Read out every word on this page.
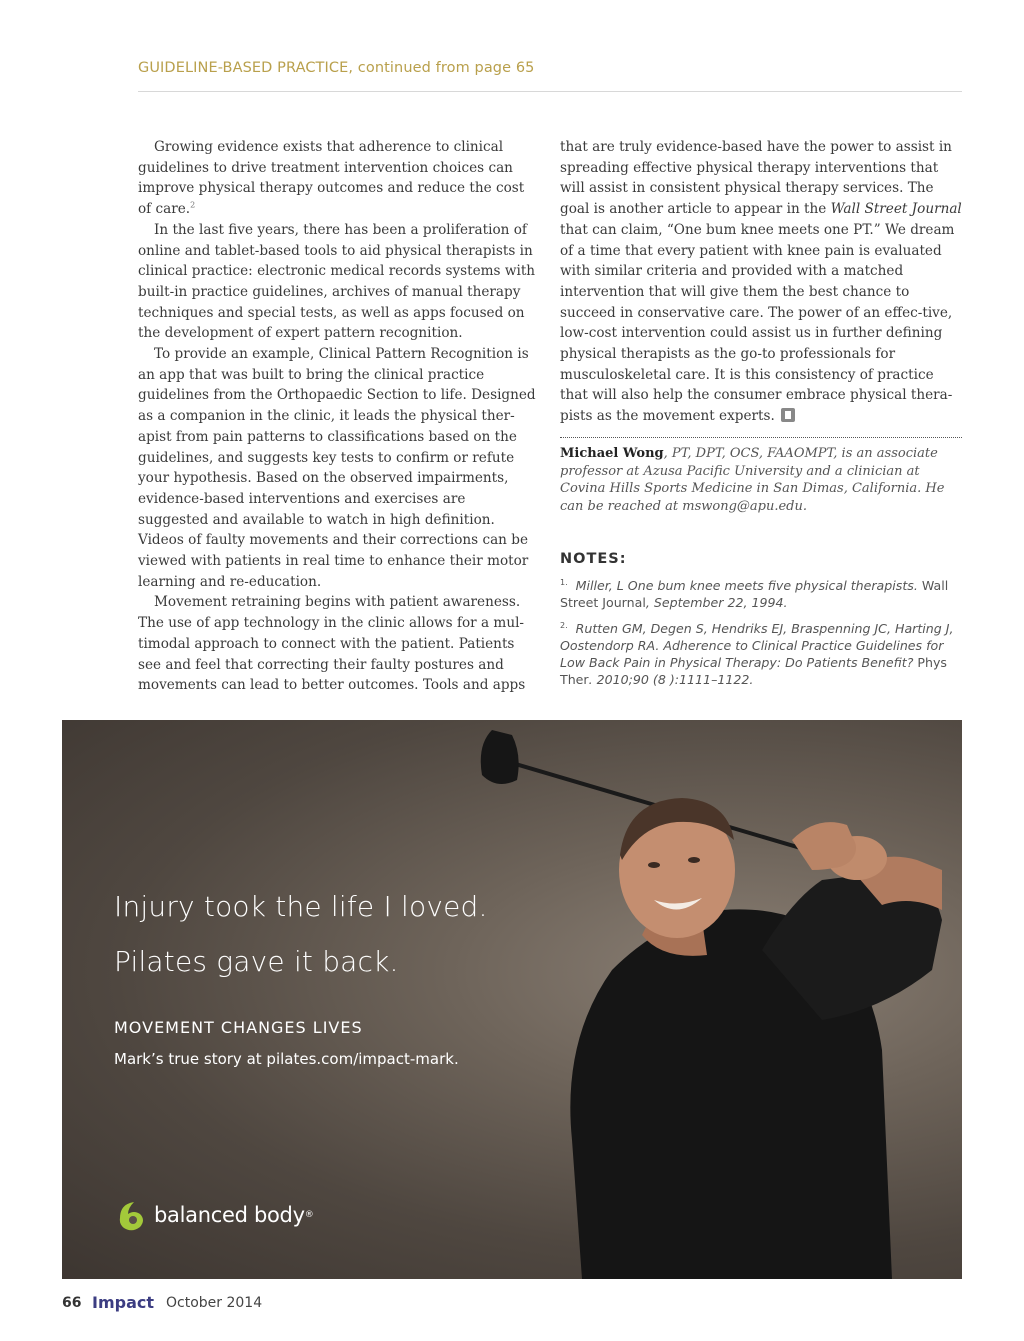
GUIDELINE-BASED PRACTICE, continued from page 65

Growing evidence exists that adherence to clinical guidelines to drive treatment intervention choices can improve physical therapy outcomes and reduce the cost of care.$^2$

In the last five years, there has been a proliferation of online and tablet-based tools to aid physical therapists in clinical practice: electronic medical records systems with built-in practice guidelines, archives of manual therapy techniques and special tests, as well as apps focused on the development of expert pattern recognition.

To provide an example, Clinical Pattern Recognition is an app that was built to bring the clinical practice guidelines from the Orthopaedic Section to life. Designed as a companion in the clinic, it leads the physical ther-apist from pain patterns to classifications based on the guidelines, and suggests key tests to confirm or refute your hypothesis. Based on the observed impairments, evidence-based interventions and exercises are suggested and available to watch in high definition. Videos of faulty movements and their corrections can be viewed with patients in real time to enhance their motor learning and re-education.

Movement retraining begins with patient awareness. The use of app technology in the clinic allows for a mul-timodal approach to connect with the patient. Patients see and feel that correcting their faulty postures and movements can lead to better outcomes. Tools and apps

that are truly evidence-based have the power to assist in spreading effective physical therapy interventions that will assist in consistent physical therapy services. The goal is another article to appear in the Wall Street Journal that can claim, “One bum knee meets one PT.” We dream of a time that every patient with knee pain is evaluated with similar criteria and provided with a matched intervention that will give them the best chance to succeed in conservative care. The power of an effec-tive, low-cost intervention could assist us in further defining physical therapists as the go-to professionals for musculoskeletal care. It is this consistency of practice that will also help the consumer embrace physical thera-pists as the movement experts.

Michael Wong, PT, DPT, OCS, FAAOMPT, is an associate professor at Azusa Pacific University and a clinician at Covina Hills Sports Medicine in San Dimas, California. He can be reached at mswong@apu.edu.
NOTES:
$^{1.}$ Miller, L One bum knee meets five physical therapists. Wall Street Journal, September 22, 1994.
$^{2.}$ Rutten GM, Degen S, Hendriks EJ, Braspenning JC, Harting J, Oostendorp RA. Adherence to Clinical Practice Guidelines for Low Back Pain in Physical Therapy: Do Patients Benefit? Phys Ther. 2010;90 (8 ):1111–1122.
Injury took the life I loved.
Pilates gave it back.
MOVEMENT CHANGES LIVES
Mark’s true story at pilates.com/impact-mark.
balanced body ®
66 Impact October 2014
